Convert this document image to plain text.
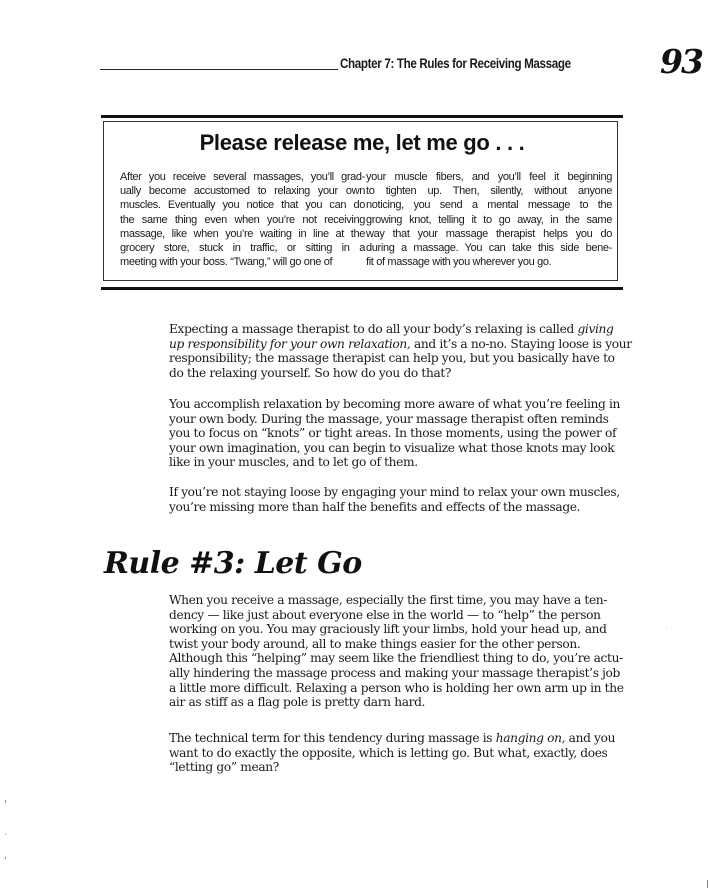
Chapter 7: The Rules for Receiving Massage	93
Please release me, let me go . . .
After you receive several massages, you’ll grad-
ually become accustomed to relaxing your own
muscles. Eventually you notice that you can do
the same thing even when you’re not receiving
massage, like when you’re waiting in line at the
grocery store, stuck in traffic, or sitting in a
meeting with your boss. “Twang,” will go one of
your muscle fibers, and you’ll feel it beginning
to tighten up. Then, silently, without anyone
noticing, you send a mental message to the
growing knot, telling it to go away, in the same
way that your massage therapist helps you do
during a massage. You can take this side bene-
fit of massage with you wherever you go.
Expecting a massage therapist to do all your body’s relaxing is called giving
up responsibility for your own relaxation, and it’s a no-no. Staying loose is your
responsibility; the massage therapist can help you, but you basically have to
do the relaxing yourself. So how do you do that?
You accomplish relaxation by becoming more aware of what you’re feeling in
your own body. During the massage, your massage therapist often reminds
you to focus on “knots” or tight areas. In those moments, using the power of
your own imagination, you can begin to visualize what those knots may look
like in your muscles, and to let go of them.
If you’re not staying loose by engaging your mind to relax your own muscles,
you’re missing more than half the benefits and effects of the massage.
Rule #3: Let Go
When you receive a massage, especially the first time, you may have a ten-
dency — like just about everyone else in the world — to “help” the person
working on you. You may graciously lift your limbs, hold your head up, and
twist your body around, all to make things easier for the other person.
Although this “helping” may seem like the friendliest thing to do, you’re actu-
ally hindering the massage process and making your massage therapist’s job
a little more difficult. Relaxing a person who is holding her own arm up in the
air as stiff as a flag pole is pretty darn hard.
The technical term for this tendency during massage is hanging on, and you
want to do exactly the opposite, which is letting go. But what, exactly, does
“letting go” mean?
